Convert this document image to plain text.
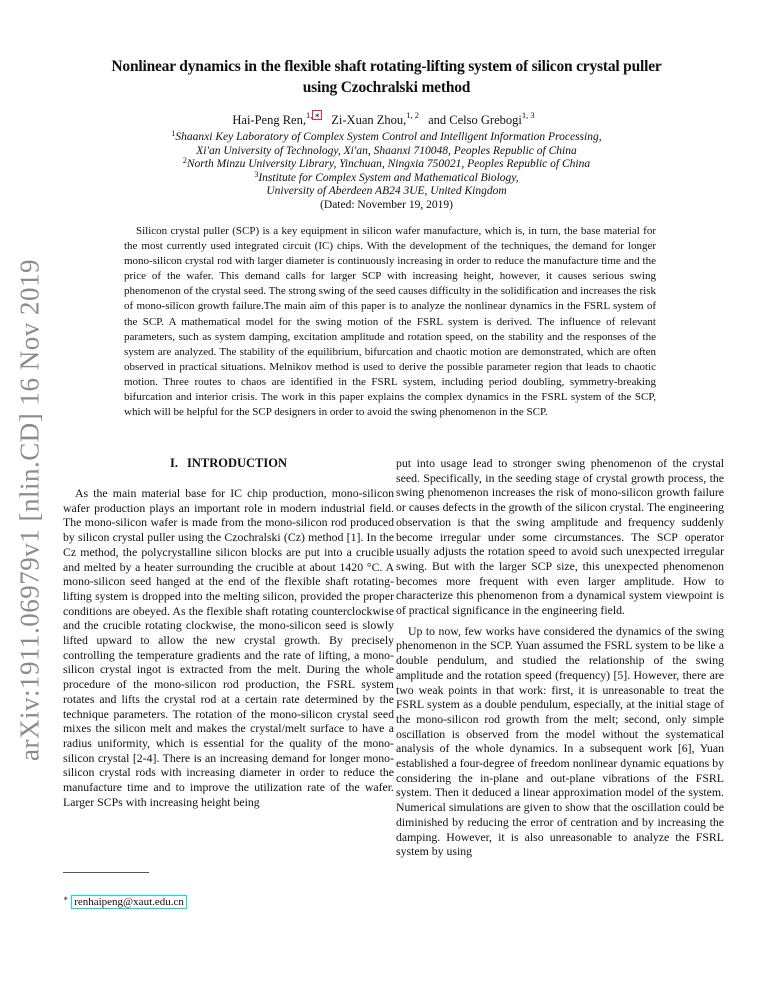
arXiv:1911.06979v1 [nlin.CD] 16 Nov 2019
Nonlinear dynamics in the flexible shaft rotating-lifting system of silicon crystal puller
using Czochralski method
Hai-Peng Ren,$^{1, ∗}$ Zi-Xuan Zhou,$^{1, 2}$ and Celso Grebogi$^{1, 3}$
$^1$Shaanxi Key Laboratory of Complex System Control and Intelligent Information Processing,
Xi'an University of Technology, Xi'an, Shaanxi 710048, Peoples Republic of China
$^2$North Minzu University Library, Yinchuan, Ningxia 750021, Peoples Republic of China
$^3$Institute for Complex System and Mathematical Biology,
University of Aberdeen AB24 3UE, United Kingdom
(Dated: November 19, 2019)

Silicon crystal puller (SCP) is a key equipment in silicon wafer manufacture, which is, in turn, the base material for the most currently used integrated circuit (IC) chips. With the development of the techniques, the demand for longer mono-silicon crystal rod with larger diameter is continuously increasing in order to reduce the manufacture time and the price of the wafer. This demand calls for larger SCP with increasing height, however, it causes serious swing phenomenon of the crystal seed. The strong swing of the seed causes difficulty in the solidification and increases the risk of mono-silicon growth failure.The main aim of this paper is to analyze the nonlinear dynamics in the FSRL system of the SCP. A mathematical model for the swing motion of the FSRL system is derived. The influence of relevant parameters, such as system damping, excitation amplitude and rotation speed, on the stability and the responses of the system are analyzed. The stability of the equilibrium, bifurcation and chaotic motion are demonstrated, which are often observed in practical situations. Melnikov method is used to derive the possible parameter region that leads to chaotic motion. Three routes to chaos are identified in the FSRL system, including period doubling, symmetry-breaking bifurcation and interior crisis. The work in this paper explains the complex dynamics in the FSRL system of the SCP, which will be helpful for the SCP designers in order to avoid the swing phenomenon in the SCP.

I. INTRODUCTION

As the main material base for IC chip production, mono-silicon wafer production plays an important role in modern industrial field. The mono-silicon wafer is made from the mono-silicon rod produced by silicon crystal puller using the Czochralski (Cz) method [1]. In the Cz method, the polycrystalline silicon blocks are put into a crucible and melted by a heater surrounding the crucible at about 1420 °C. A mono-silicon seed hanged at the end of the flexible shaft rotating-lifting system is dropped into the melting silicon, provided the proper conditions are obeyed. As the flexible shaft rotating counterclockwise and the crucible rotating clockwise, the mono-silicon seed is slowly lifted upward to allow the new crystal growth. By precisely controlling the temperature gradients and the rate of lifting, a mono-silicon crystal ingot is extracted from the melt. During the whole procedure of the mono-silicon rod production, the FSRL system rotates and lifts the crystal rod at a certain rate determined by the technique parameters. The rotation of the mono-silicon crystal seed mixes the silicon melt and makes the crystal/melt surface to have a radius uniformity, which is essential for the quality of the mono-silicon crystal [2-4]. There is an increasing demand for longer mono-silicon crystal rods with increasing diameter in order to reduce the manufacture time and to improve the utilization rate of the wafer. Larger SCPs with increasing height being

put into usage lead to stronger swing phenomenon of the crystal seed. Specifically, in the seeding stage of crystal growth process, the swing phenomenon increases the risk of mono-silicon growth failure or causes defects in the growth of the silicon crystal. The engineering observation is that the swing amplitude and frequency suddenly become irregular under some circumstances. The SCP operator usually adjusts the rotation speed to avoid such unexpected irregular swing. But with the larger SCP size, this unexpected phenomenon becomes more frequent with even larger amplitude. How to characterize this phenomenon from a dynamical system viewpoint is of practical significance in the engineering field.

Up to now, few works have considered the dynamics of the swing phenomenon in the SCP. Yuan assumed the FSRL system to be like a double pendulum, and studied the relationship of the swing amplitude and the rotation speed (frequency) [5]. However, there are two weak points in that work: first, it is unreasonable to treat the FSRL system as a double pendulum, especially, at the initial stage of the mono-silicon rod growth from the melt; second, only simple oscillation is observed from the model without the systematical analysis of the whole dynamics. In a subsequent work [6], Yuan established a four-degree of freedom nonlinear dynamic equations by considering the in-plane and out-plane vibrations of the FSRL system. Then it deduced a linear approximation model of the system. Numerical simulations are given to show that the oscillation could be diminished by reducing the error of centration and by increasing the damping. However, it is also unreasonable to analyze the FSRL system by using

∗ renhaipeng@xaut.edu.cn
